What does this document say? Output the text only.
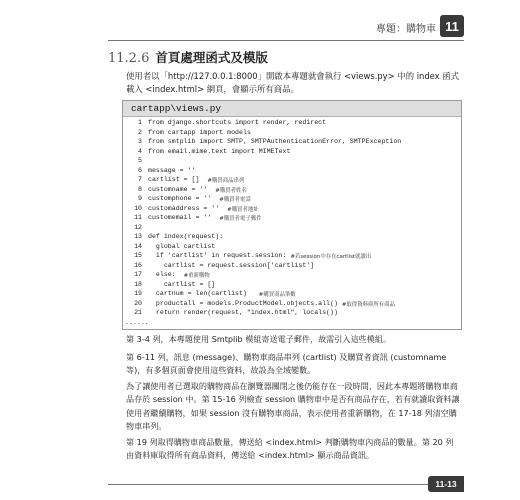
專題：購物車 11
11.2.6 首頁處理函式及模版
使用者以「http://127.0.0.1:8000」開啟本專題就會執行 <views.py> 中的 index 函式載入 <index.html> 網頁，會顯示所有商品。
cartapp\views.py
1 from django.shortcuts import render, redirect
2 from cartapp import models
3 from smtplib import SMTP, SMTPAuthenticationError, SMTPException
4 from email.mime.text import MIMEText
5
6 message = ''
7 cartlist = [] #購買商品串列
8 customname = '' #購買者姓名
9 customphone = '' #購買者電話
10 customaddress = '' #購買者地址
11 customemail = '' #購買者電子郵件
12
13 def index(request):
14 global cartlist
15 if 'cartlist' in request.session: #若session中存在cartlist就讀出
16 cartlist = request.session['cartlist']
17 else: #重新購物
18 cartlist = []
19 cartnum = len(cartlist) #購買商品筆數
20 productall = models.ProductModel.objects.all() #取得資料庫所有商品
21 return render(request, "index.html", locals())
......
第 3-4 列，本專題使用 Smtplib 模組寄送電子郵件，故需引入這些模組。
第 6-11 列，訊息 (message)、購物車商品串列 (cartlist) 及購買者資訊 (customname 等)，有多個頁面會使用這些資料，故設為全域變數。
為了讓使用者已選取的購物商品在瀏覽器關閉之後仍能存在一段時間，因此本專題將購物車商品存於 session 中。第 15-16 列檢查 session 購物車中是否有商品存在，若有就讀取資料讓使用者繼續購物，如果 session 沒有購物車商品，表示使用者重新購物，在 17-18 列清空購物車串列。
第 19 列取得購物車商品數量，傳送給 <index.html> 判斷購物車內商品的數量。第 20 列由資料庫取得所有商品資料，傳送給 <index.html> 顯示商品資訊。
11-13
